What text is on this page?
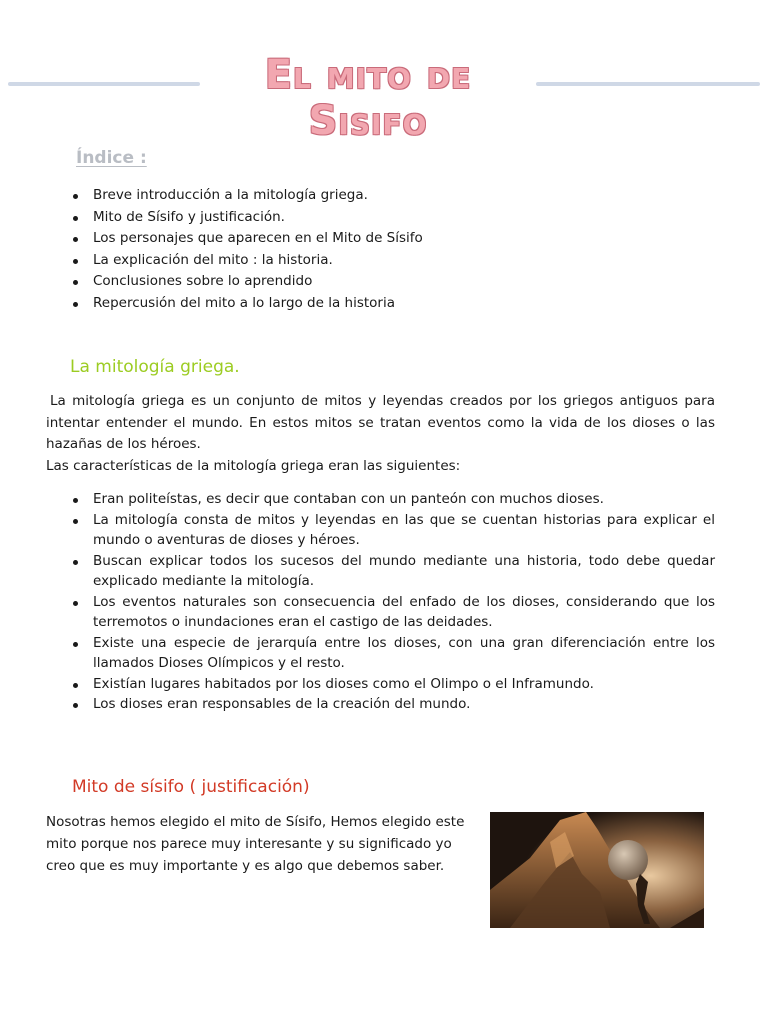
El mito de Sisifo
Índice :
Breve introducción a la mitología griega.
Mito de Sísifo y justificación.
Los personajes que aparecen en el Mito de Sísifo
La explicación del mito : la historia.
Conclusiones sobre lo aprendido
Repercusión del mito a lo largo de la historia
La mitología griega.

La mitología griega es un conjunto de mitos y leyendas creados por los griegos antiguos para intentar entender el mundo. En estos mitos se tratan eventos como la vida de los dioses o las hazañas de los héroes.

Las características de la mitología griega eran las siguientes:

Eran politeístas, es decir que contaban con un panteón con muchos dioses.
La mitología consta de mitos y leyendas en las que se cuentan historias para explicar el mundo o aventuras de dioses y héroes.
Buscan explicar todos los sucesos del mundo mediante una historia, todo debe quedar explicado mediante la mitología.
Los eventos naturales son consecuencia del enfado de los dioses, considerando que los terremotos o inundaciones eran el castigo de las deidades.
Existe una especie de jerarquía entre los dioses, con una gran diferenciación entre los llamados Dioses Olímpicos y el resto.
Existían lugares habitados por los dioses como el Olimpo o el Inframundo.
Los dioses eran responsables de la creación del mundo.
Mito de sísifo ( justificación)
Nosotras hemos elegido el mito de Sísifo, Hemos elegido este mito porque nos parece muy interesante y su significado yo creo que es muy importante y es algo que debemos saber.
